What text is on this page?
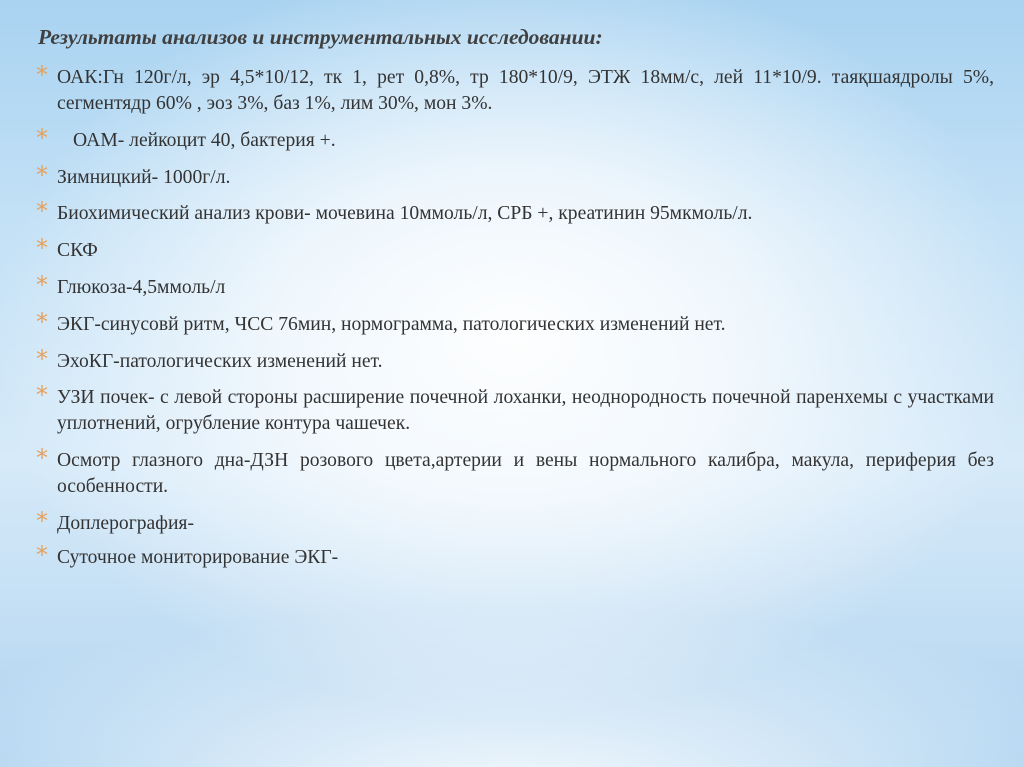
Результаты анализов и инструментальных исследовании:
* ОАК:Гн 120г/л, эр 4,5*10/12, тк 1, рет 0,8%, тр 180*10/9, ЭТЖ 18мм/с, лей 11*10/9. таяқшаядролы 5%, сегментядр 60% , эоз 3%, баз 1%, лим 30%, мон 3%.
*	ОАМ- лейкоцит 40, бактерия +.
* Зимницкий- 1000г/л.
* Биохимический анализ крови- мочевина 10ммоль/л, СРБ +, креатинин 95мкмоль/л.
* СКФ
* Глюкоза-4,5ммоль/л
* ЭКГ-синусовй ритм, ЧСС 76мин, нормограмма, патологических изменений нет.
* ЭхоКГ-патологических изменений нет.
* УЗИ почек- с левой стороны расширение почечной лоханки, неоднородность почечной паренхемы с участками уплотнений, огрубление контура чашечек.
* Осмотр глазного дна-ДЗН розового цвета,артерии и вены нормального калибра, макула, периферия без особенности.
* Доплерография-
* Суточное мониторирование ЭКГ-
